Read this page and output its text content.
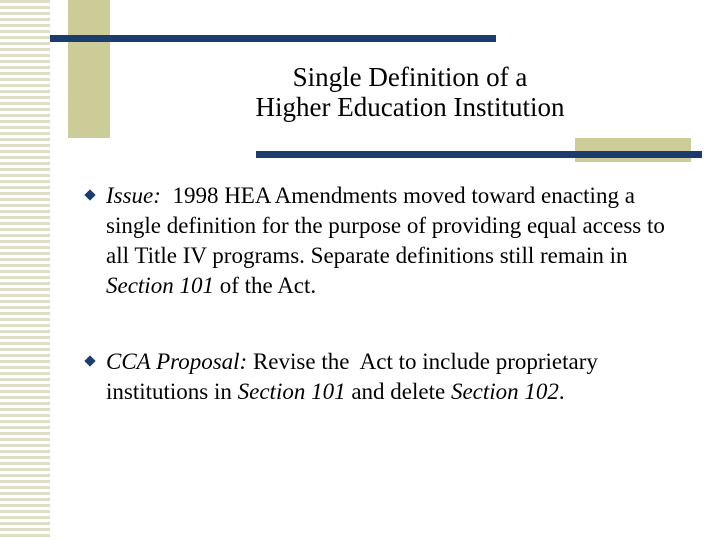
Single Definition of a
Higher Education Institution
Issue:  1998 HEA Amendments moved toward enacting a single definition for the purpose of providing equal access to all Title IV programs. Separate definitions still remain in Section 101 of the Act.
CCA Proposal: Revise the  Act to include proprietary institutions in Section 101 and delete Section 102.
